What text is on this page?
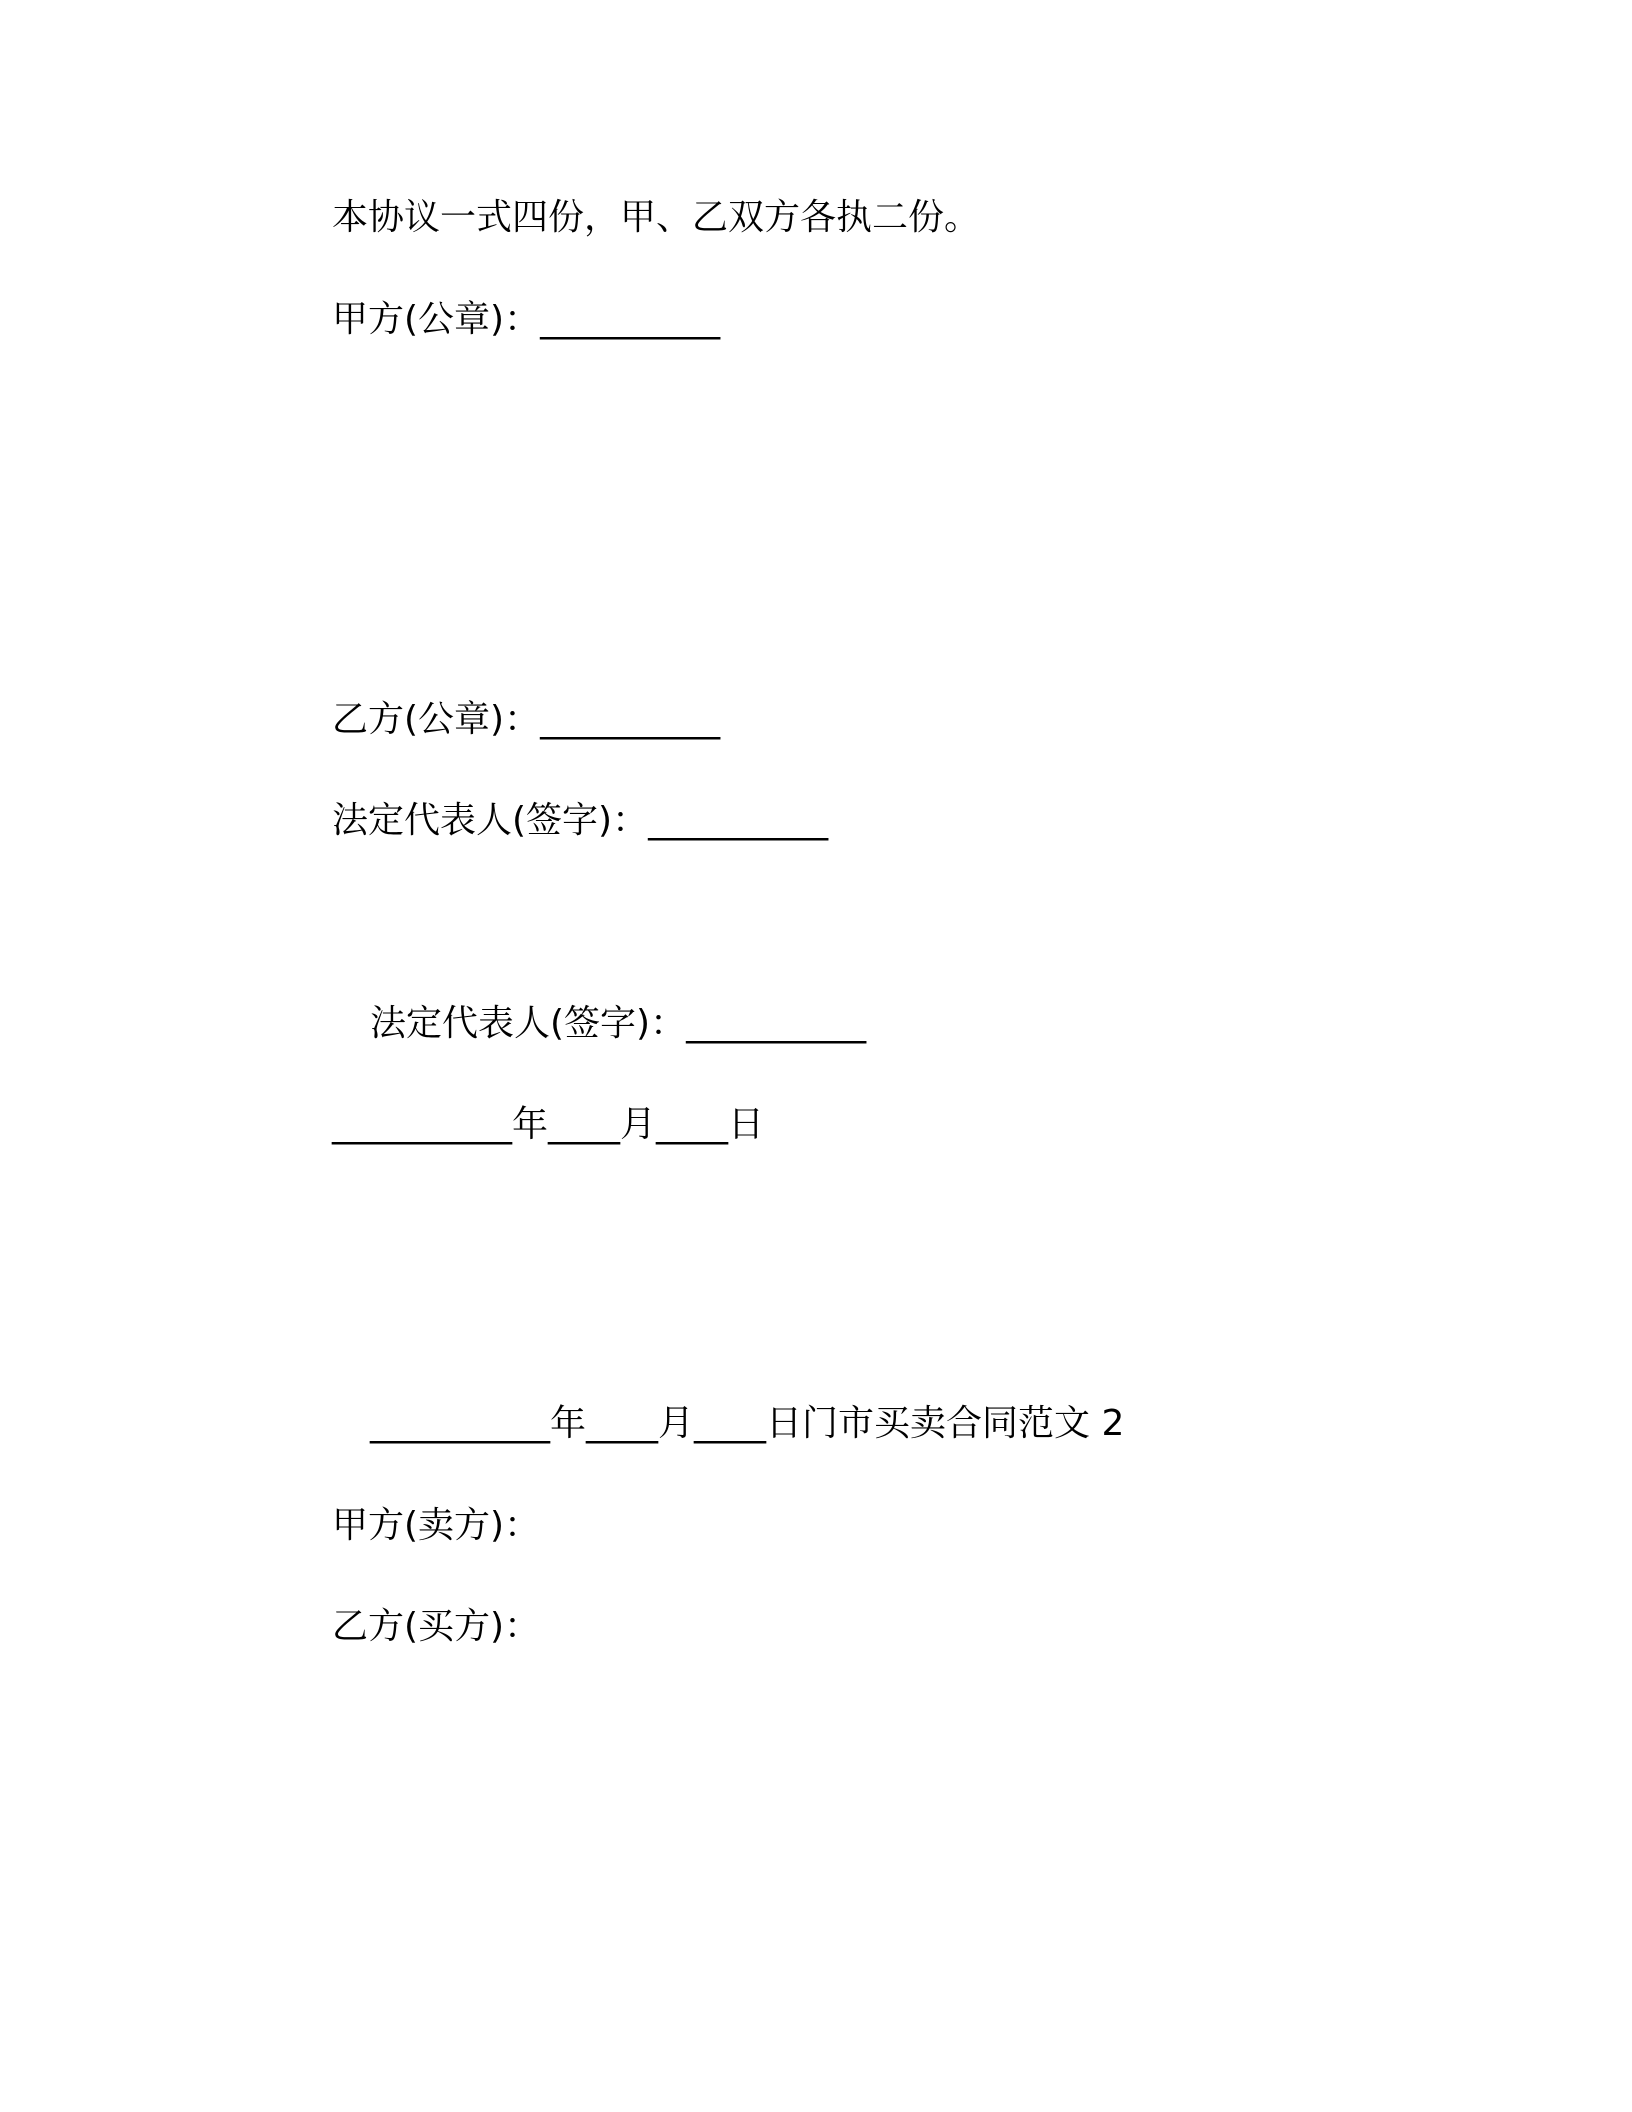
本协议一式四份，甲、乙双方各执二份。
甲方(公章)：__________
乙方(公章)：__________
法定代表人(签字)：__________
法定代表人(签字)：__________
__________年____月____日
__________年____月____日门市买卖合同范文 2
甲方(卖方)：
乙方(买方)：
